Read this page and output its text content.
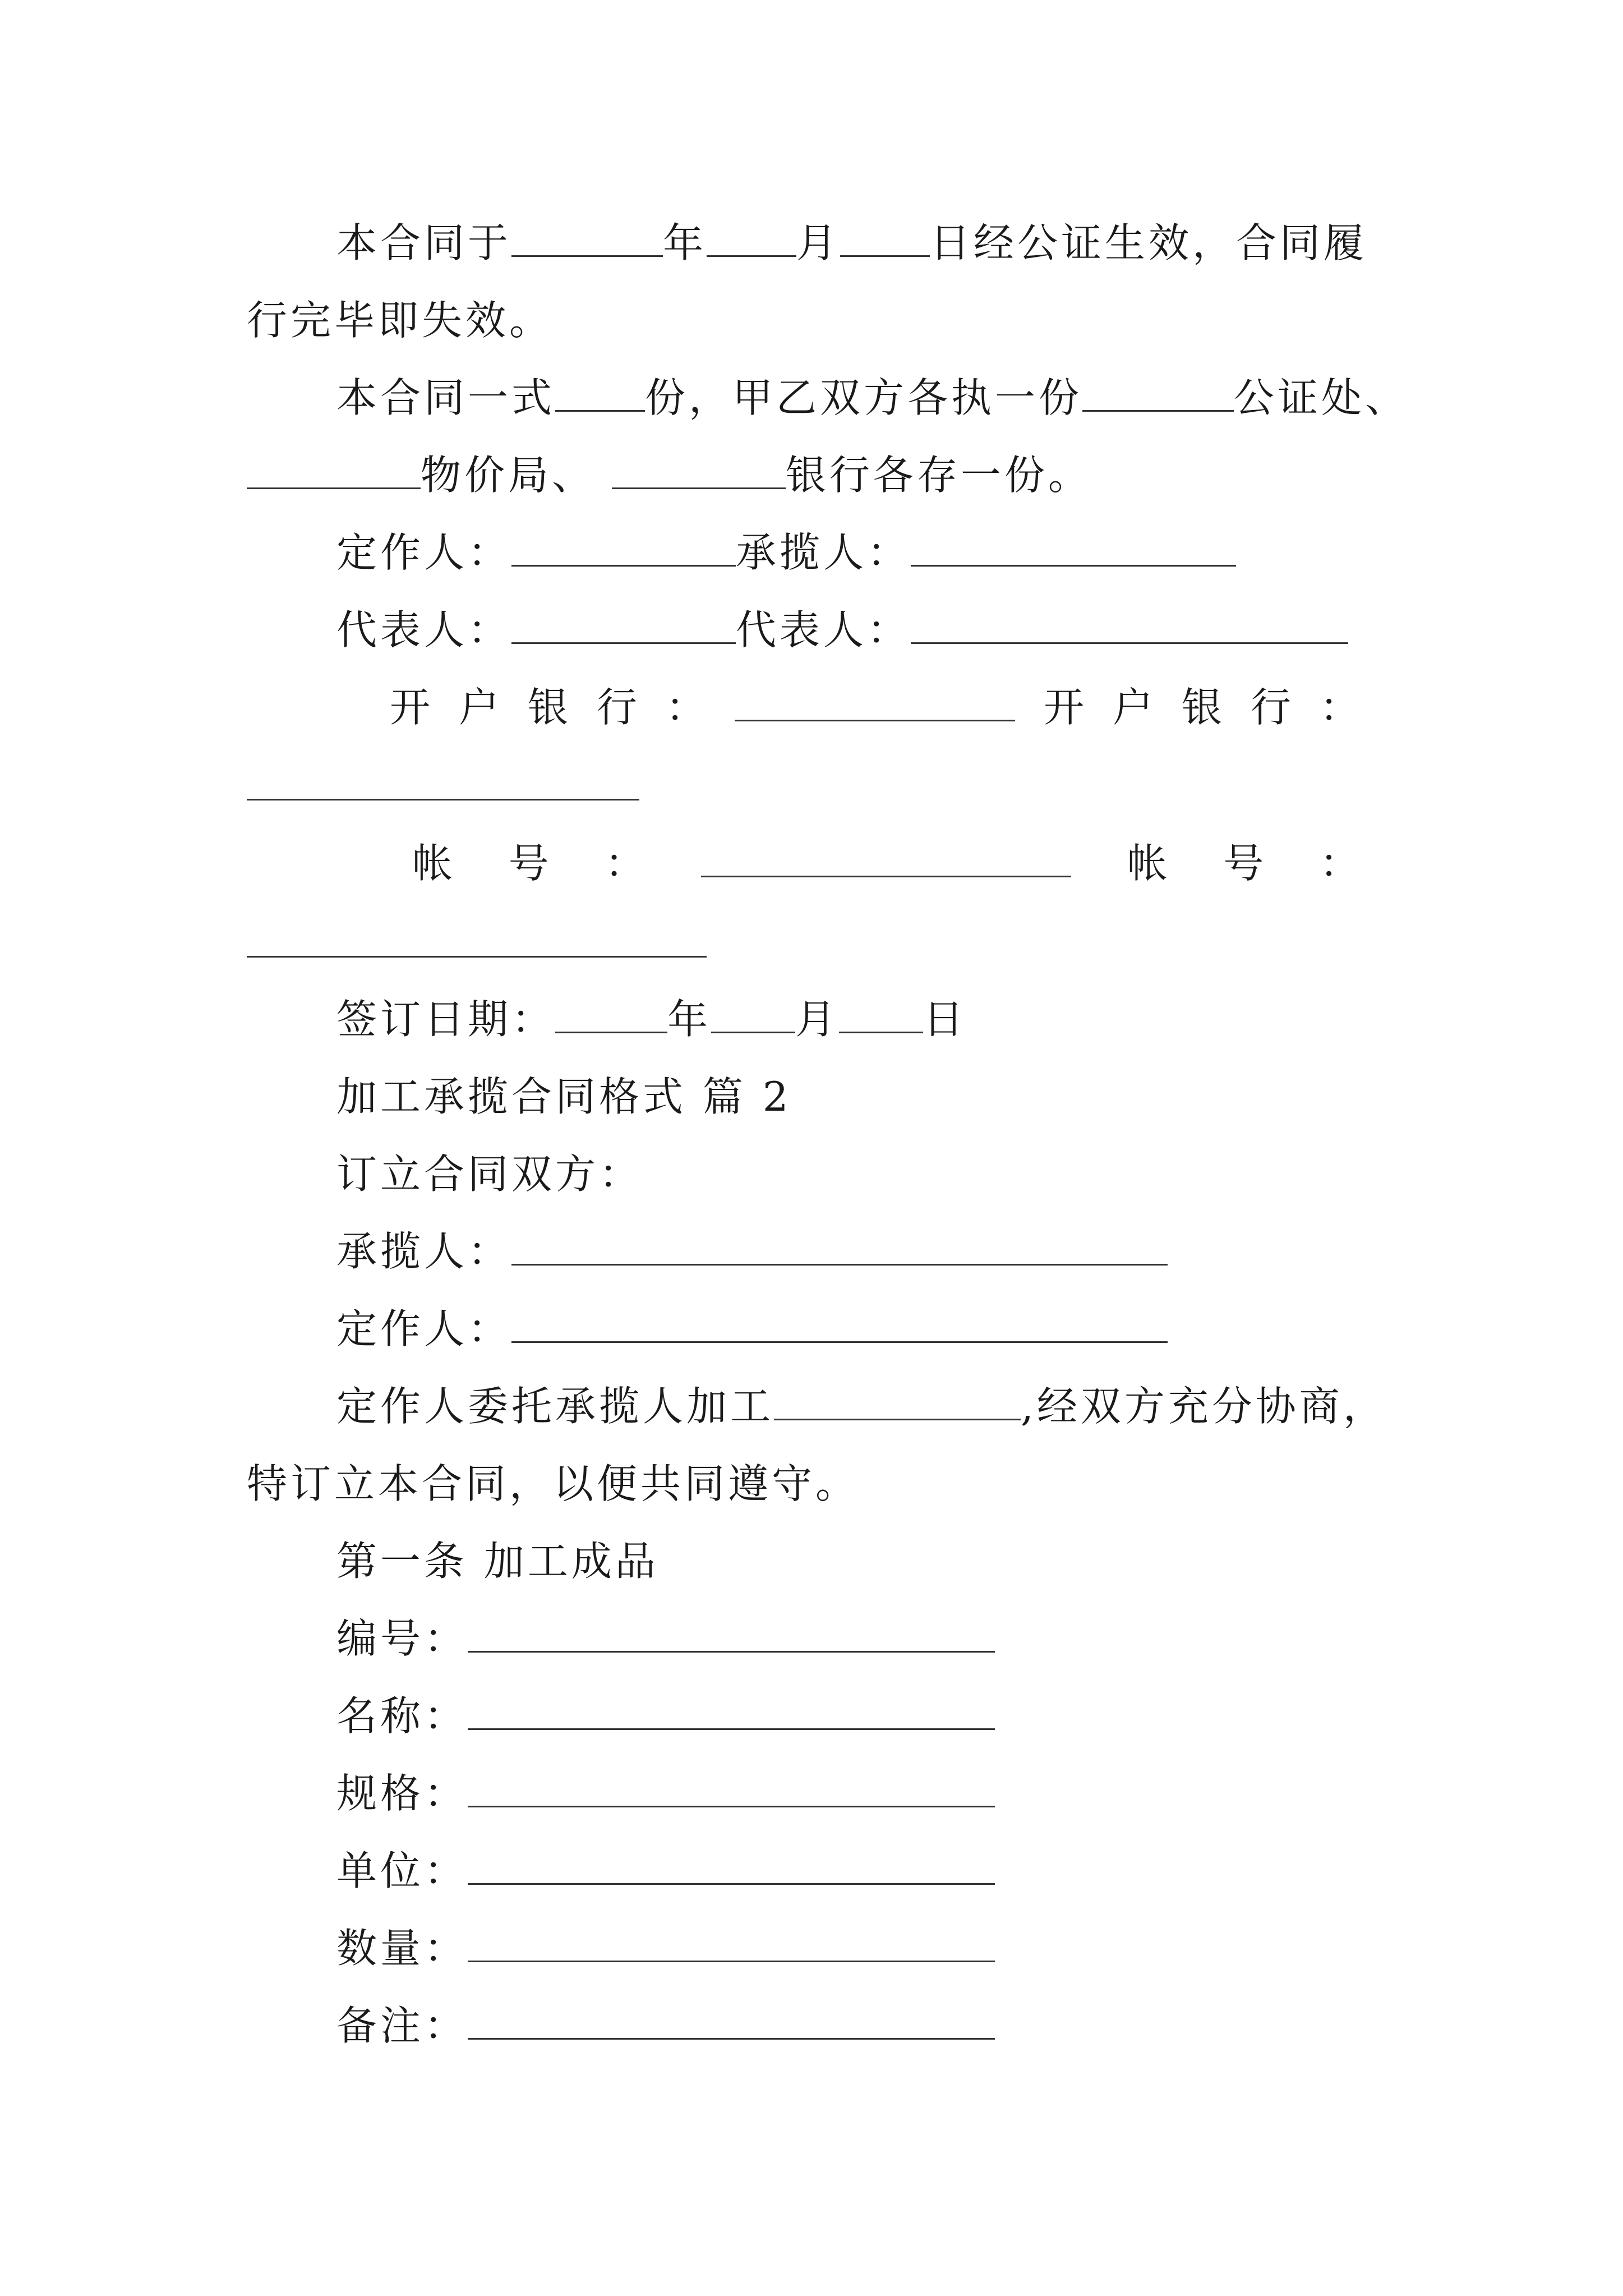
本合同于	年 月 日经公证生效，合同履
行完毕即失效。
本合同一式 份，甲乙双方各执一份	公证处、
物价局、	银行各存一份。
定作人：	承揽人：
代表人：	代表人：
开 户 银 行 ：	开 户 银 行 ：
帐 号 ：	帐 号 ：
签订日期：	年 月 日
加工承揽合同格式 篇 2
订立合同双方：
承揽人：
定作人：
定作人委托承揽人加工	,经双方充分协商，
特订立本合同，以便共同遵守。
第一条 加工成品
编号：
名称：
规格：
单位：
数量：
备注：
